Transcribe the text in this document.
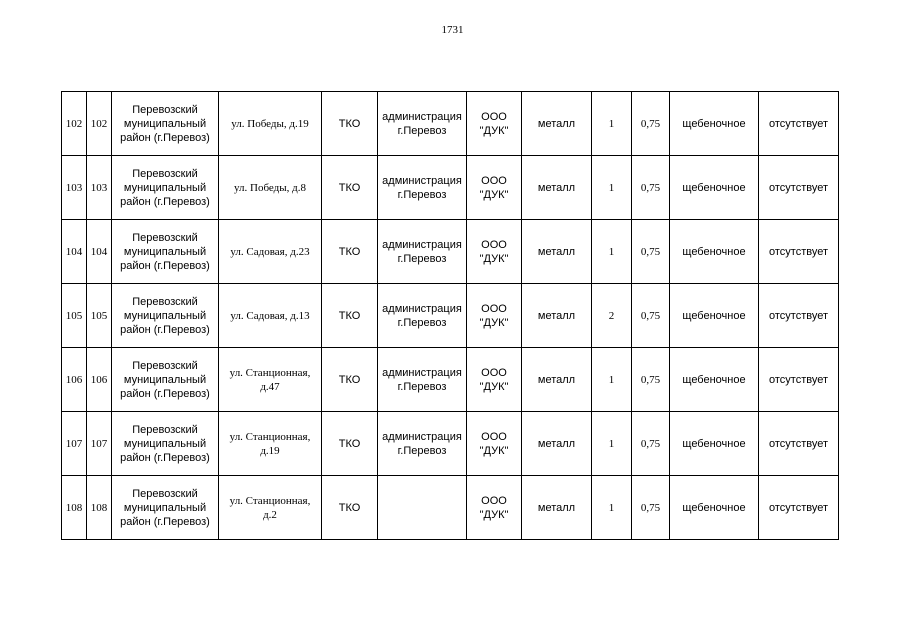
1731
102	102	Перевозский
муниципальный
район (г.Перевоз)	ул. Победы, д.19	ТКО	администрация
г.Перевоз	ООО
"ДУК"	металл	1	0,75	щебеночное	отсутствует
103	103	Перевозский
муниципальный
район (г.Перевоз)	ул. Победы, д.8	ТКО	администрация
г.Перевоз	ООО
"ДУК"	металл	1	0,75	щебеночное	отсутствует
104	104	Перевозский
муниципальный
район (г.Перевоз)	ул. Садовая, д.23	ТКО	администрация
г.Перевоз	ООО
"ДУК"	металл	1	0,75	щебеночное	отсутствует
105	105	Перевозский
муниципальный
район (г.Перевоз)	ул. Садовая, д.13	ТКО	администрация
г.Перевоз	ООО
"ДУК"	металл	2	0,75	щебеночное	отсутствует
106	106	Перевозский
муниципальный
район (г.Перевоз)	ул. Станционная,
д.47	ТКО	администрация
г.Перевоз	ООО
"ДУК"	металл	1	0,75	щебеночное	отсутствует
107	107	Перевозский
муниципальный
район (г.Перевоз)	ул. Станционная,
д.19	ТКО	администрация
г.Перевоз	ООО
"ДУК"	металл	1	0,75	щебеночное	отсутствует
108	108	Перевозский
муниципальный
район (г.Перевоз)	ул. Станционная,
д.2	ТКО		ООО
"ДУК"	металл	1	0,75	щебеночное	отсутствует
